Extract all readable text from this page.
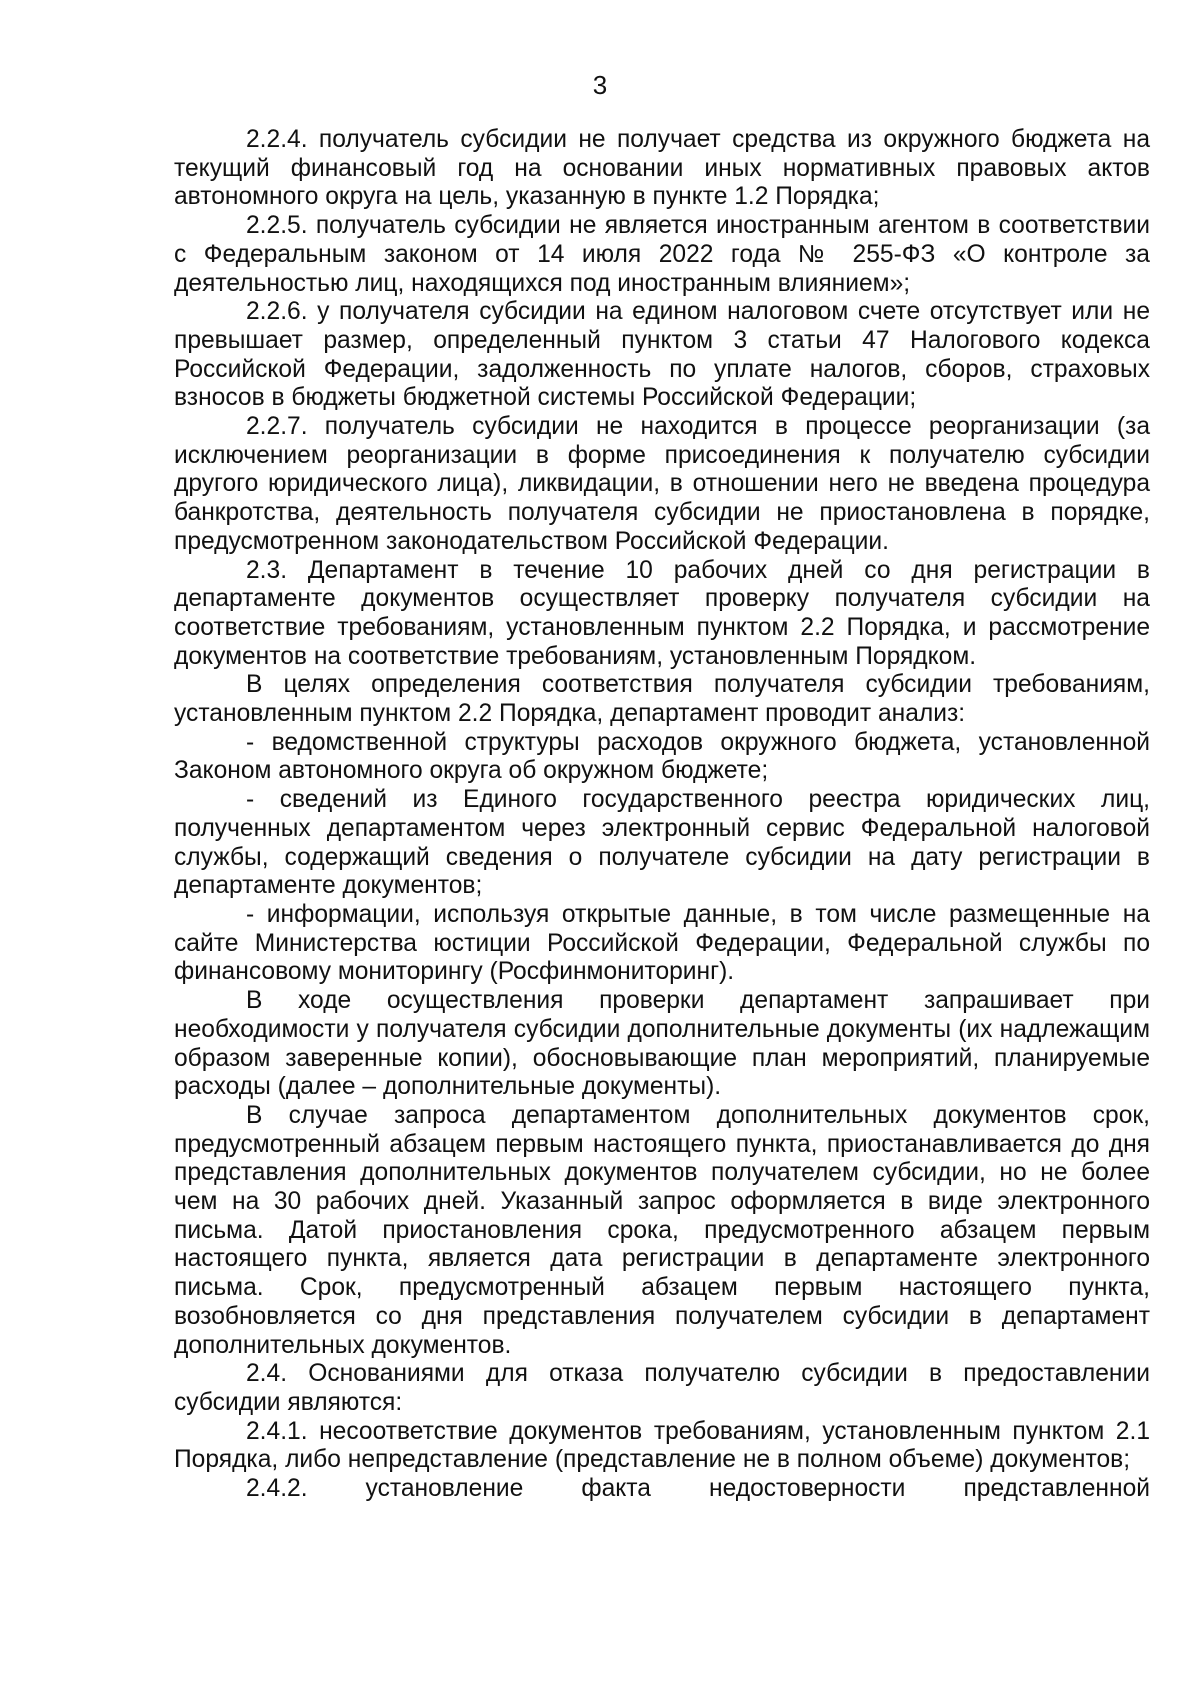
3

2.2.4. получатель субсидии не получает средства из окружного бюджета на текущий финансовый год на основании иных нормативных правовых актов автономного округа на цель, указанную в пункте 1.2 Порядка;

2.2.5. получатель субсидии не является иностранным агентом в соответствии с Федеральным законом от 14 июля 2022 года № 255-ФЗ «О контроле за деятельностью лиц, находящихся под иностранным влиянием»;

2.2.6. у получателя субсидии на едином налоговом счете отсутствует или не превышает размер, определенный пунктом 3 статьи 47 Налогового кодекса Российской Федерации, задолженность по уплате налогов, сборов, страховых взносов в бюджеты бюджетной системы Российской Федерации;

2.2.7. получатель субсидии не находится в процессе реорганизации (за исключением реорганизации в форме присоединения к получателю субсидии другого юридического лица), ликвидации, в отношении него не введена процедура банкротства, деятельность получателя субсидии не приостановлена в порядке, предусмотренном законодательством Российской Федерации.

2.3. Департамент в течение 10 рабочих дней со дня регистрации в департаменте документов осуществляет проверку получателя субсидии на соответствие требованиям, установленным пунктом 2.2 Порядка, и рассмотрение документов на соответствие требованиям, установленным Порядком.

В целях определения соответствия получателя субсидии требованиям, установленным пунктом 2.2 Порядка, департамент проводит анализ:

- ведомственной структуры расходов окружного бюджета, установленной Законом автономного округа об окружном бюджете;

- сведений из Единого государственного реестра юридических лиц, полученных департаментом через электронный сервис Федеральной налоговой службы, содержащий сведения о получателе субсидии на дату регистрации в департаменте документов;

- информации, используя открытые данные, в том числе размещенные на сайте Министерства юстиции Российской Федерации, Федеральной службы по финансовому мониторингу (Росфинмониторинг).

В ходе осуществления проверки департамент запрашивает при необходимости у получателя субсидии дополнительные документы (их надлежащим образом заверенные копии), обосновывающие план мероприятий, планируемые расходы (далее – дополнительные документы).

В случае запроса департаментом дополнительных документов срок, предусмотренный абзацем первым настоящего пункта, приостанавливается до дня представления дополнительных документов получателем субсидии, но не более чем на 30 рабочих дней. Указанный запрос оформляется в виде электронного письма. Датой приостановления срока, предусмотренного абзацем первым настоящего пункта, является дата регистрации в департаменте электронного письма. Срок, предусмотренный абзацем первым настоящего пункта, возобновляется со дня представления получателем субсидии в департамент дополнительных документов.

2.4. Основаниями для отказа получателю субсидии в предоставлении субсидии являются:

2.4.1. несоответствие документов требованиям, установленным пунктом 2.1 Порядка, либо непредставление (представление не в полном объеме) документов;

2.4.2. установление факта недостоверности представленной
